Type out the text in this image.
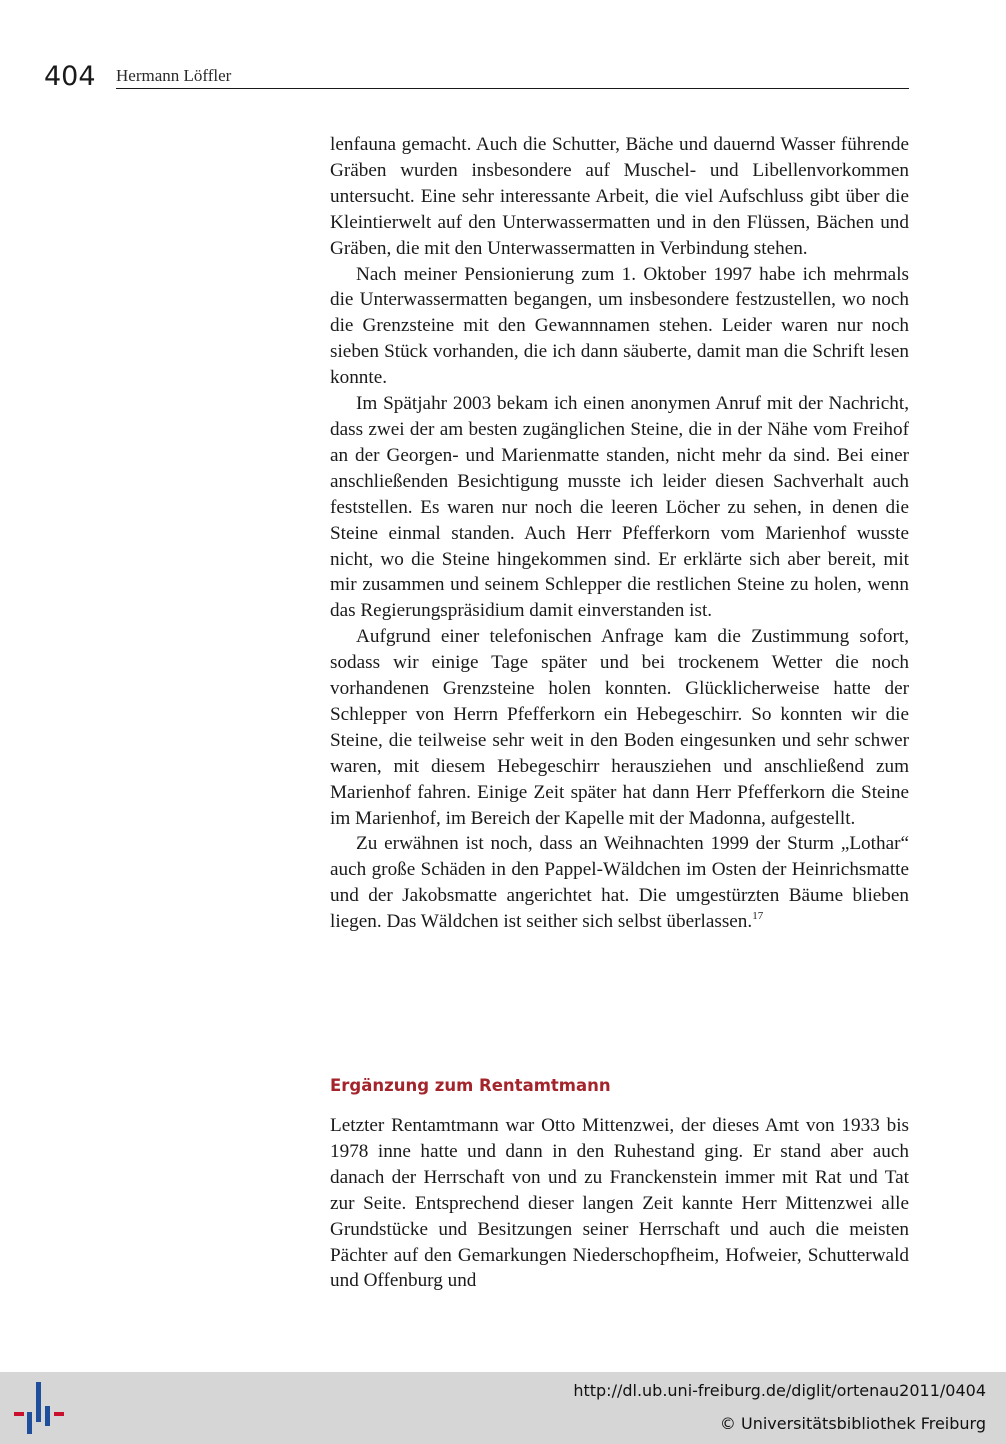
404 Hermann Löffler

lenfauna gemacht. Auch die Schutter, Bäche und dauernd Wasser führende Gräben wurden insbesondere auf Muschel- und Libellenvorkommen untersucht. Eine sehr interessante Arbeit, die viel Aufschluss gibt über die Kleintierwelt auf den Unterwassermatten und in den Flüssen, Bächen und Gräben, die mit den Unterwassermatten in Verbindung stehen.

Nach meiner Pensionierung zum 1. Oktober 1997 habe ich mehrmals die Unterwassermatten begangen, um insbesondere festzustellen, wo noch die Grenzsteine mit den Gewannnamen stehen. Leider waren nur noch sieben Stück vorhanden, die ich dann säuberte, damit man die Schrift lesen konnte.

Im Spätjahr 2003 bekam ich einen anonymen Anruf mit der Nachricht, dass zwei der am besten zugänglichen Steine, die in der Nähe vom Freihof an der Georgen- und Marienmatte standen, nicht mehr da sind. Bei einer anschließenden Besichtigung musste ich leider diesen Sachverhalt auch feststellen. Es waren nur noch die leeren Löcher zu sehen, in denen die Steine einmal standen. Auch Herr Pfefferkorn vom Marienhof wusste nicht, wo die Steine hingekommen sind. Er erklärte sich aber bereit, mit mir zusammen und seinem Schlepper die restlichen Steine zu holen, wenn das Regierungspräsidium damit einverstanden ist.

Aufgrund einer telefonischen Anfrage kam die Zustimmung sofort, sodass wir einige Tage später und bei trockenem Wetter die noch vorhandenen Grenzsteine holen konnten. Glücklicherweise hatte der Schlepper von Herrn Pfefferkorn ein Hebegeschirr. So konnten wir die Steine, die teilweise sehr weit in den Boden eingesunken und sehr schwer waren, mit diesem Hebegeschirr herausziehen und anschließend zum Marienhof fahren. Einige Zeit später hat dann Herr Pfefferkorn die Steine im Marienhof, im Bereich der Kapelle mit der Madonna, aufgestellt.

Zu erwähnen ist noch, dass an Weihnachten 1999 der Sturm „Lothar“ auch große Schäden in den Pappel-Wäldchen im Osten der Heinrichsmatte und der Jakobsmatte angerichtet hat. Die umgestürzten Bäume blieben liegen. Das Wäldchen ist seither sich selbst überlassen.$^{17}$

Ergänzung zum Rentamtmann

Letzter Rentamtmann war Otto Mittenzwei, der dieses Amt von 1933 bis 1978 inne hatte und dann in den Ruhestand ging. Er stand aber auch danach der Herrschaft von und zu Franckenstein immer mit Rat und Tat zur Seite. Entsprechend dieser langen Zeit kannte Herr Mittenzwei alle Grundstücke und Besitzungen seiner Herrschaft und auch die meisten Pächter auf den Gemarkungen Niederschopfheim, Hofweier, Schutterwald und Offenburg und

http://dl.ub.uni-freiburg.de/diglit/ortenau2011/0404
© Universitätsbibliothek Freiburg
